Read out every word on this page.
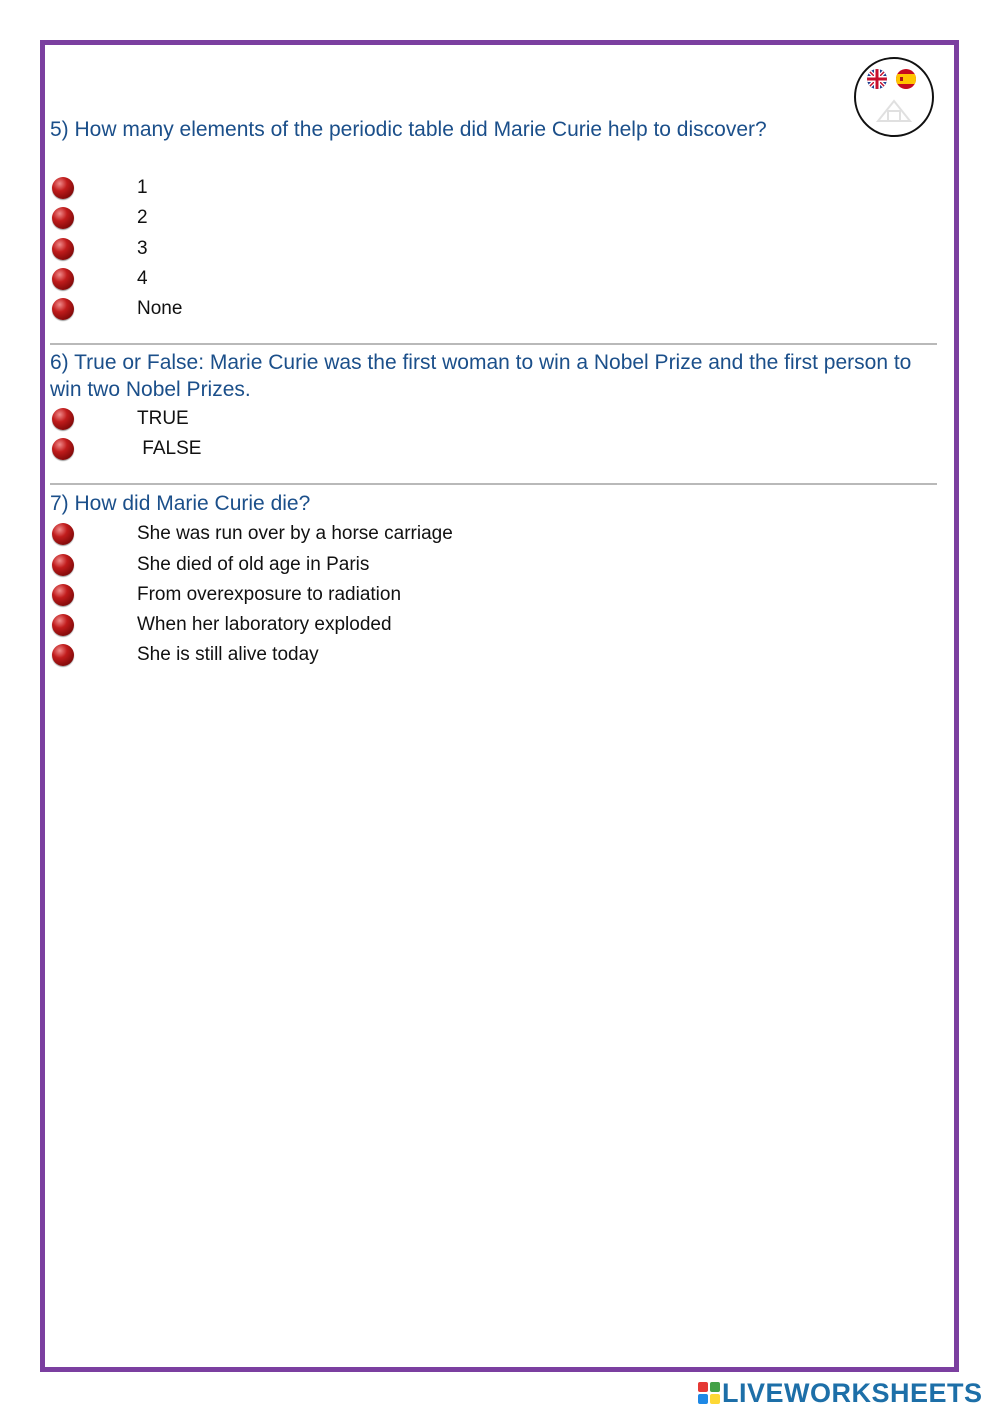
5) How many elements of the periodic table did Marie Curie help to discover?
1
2
3
4
None
6) True or False: Marie Curie was the first woman to win a Nobel Prize and the first person to win two Nobel Prizes.
TRUE
FALSE
7) How did Marie Curie die?
She was run over by a horse carriage
She died of old age in Paris
From overexposure to radiation
When her laboratory exploded
She is still alive today
LIVEWORKSHEETS
